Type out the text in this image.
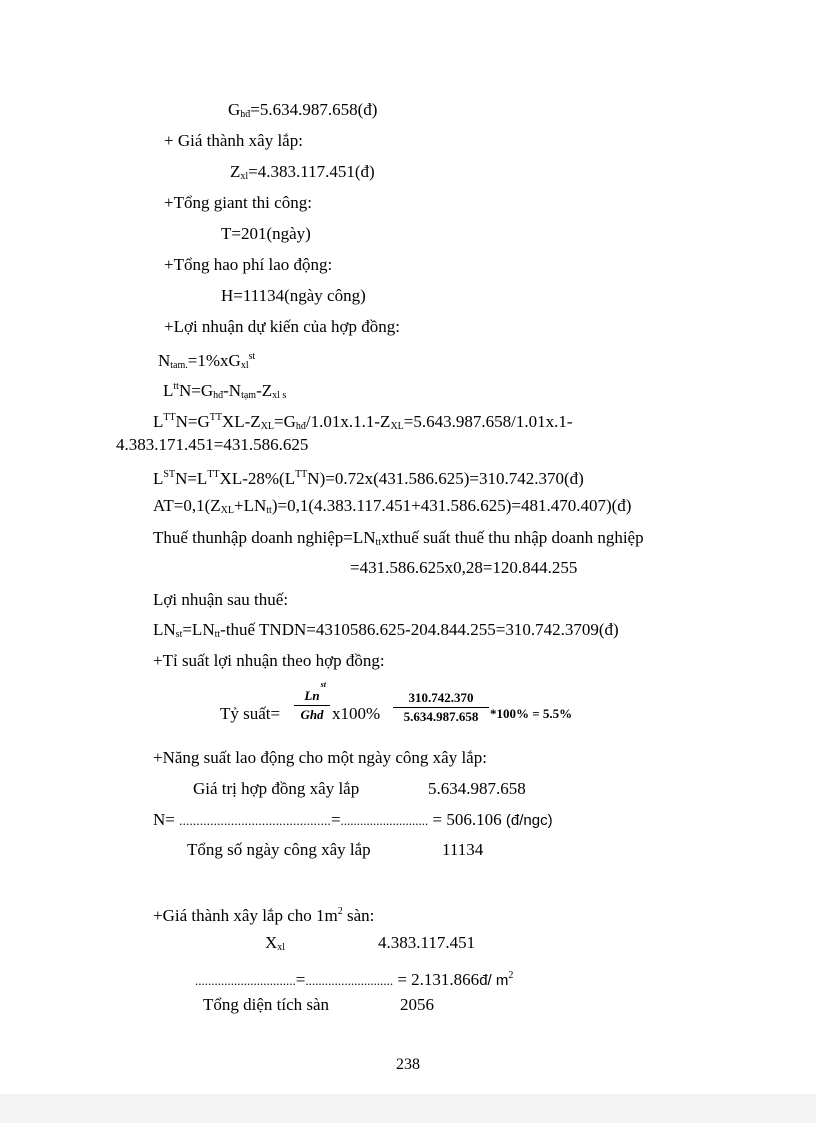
$G_{hđ}=5.634.987.658(đ)$
+ Giá thành xây lắp:
$Z_{xl}=4.383.117.451(đ)$
+Tổng giant thi công:
T=201(ngày)
+Tổng hao phí lao động:
H=11134(ngày công)
+Lợi nhuận dự kiến của hợp đồng:
$N_{tam.}=1\%xG_{xl}^{st}$
$L^{tt}N=G_{hđ}-N_{tạm}-Z_{xl s}$
$L^{TT}N=G^{TT}XL-Z_{XL}=G_{hđ}/1.01x.1.1-Z_{XL}=5.643.987.658/1.01x.1-$
4.383.171.451=431.586.625
$LSTN=L^{TT}XL-28\%(L^{TT}N)=0.72x(431.586.625)=310.742.370(đ)$
$AT=0,1(Z_{XL}+LN_{tt})=0,1(4.383.117.451+431.586.625)=481.470.407)(đ)$
Thuế thunhập doanh $nghiệp=LN_{tt}xthuế$ suất thuế thu nhập doanh nghiệp
=431.586.625x0,28=120.844.255
Lợi nhuận sau thuế:
$LN_{st}=LN_{tt}$-thuế TNDN=4310586.625-204.844.255=310.742.3709(đ)
+Tỉ suất lợi nhuận theo hợp đồng:
Tỷ suất=
st
Ln
Ghd x100%
310.742.370
5.634.987.658 *100% = 5.5%
+Năng suất lao động cho một ngày công xây lắp:
Giá trị hợp đồng xây lắp	5.634.987.658
N= ............................................=........................... = 506.106 (đ/ngc)
Tổng số ngày công xây lắp	11134
+Giá thành xây lắp cho $1m^2$ sàn:
$X_{xl}$	4.383.117.451
...............................=........................... = 2.131.866đ/ $m^2$
Tổng diện tích sàn	2056
238
